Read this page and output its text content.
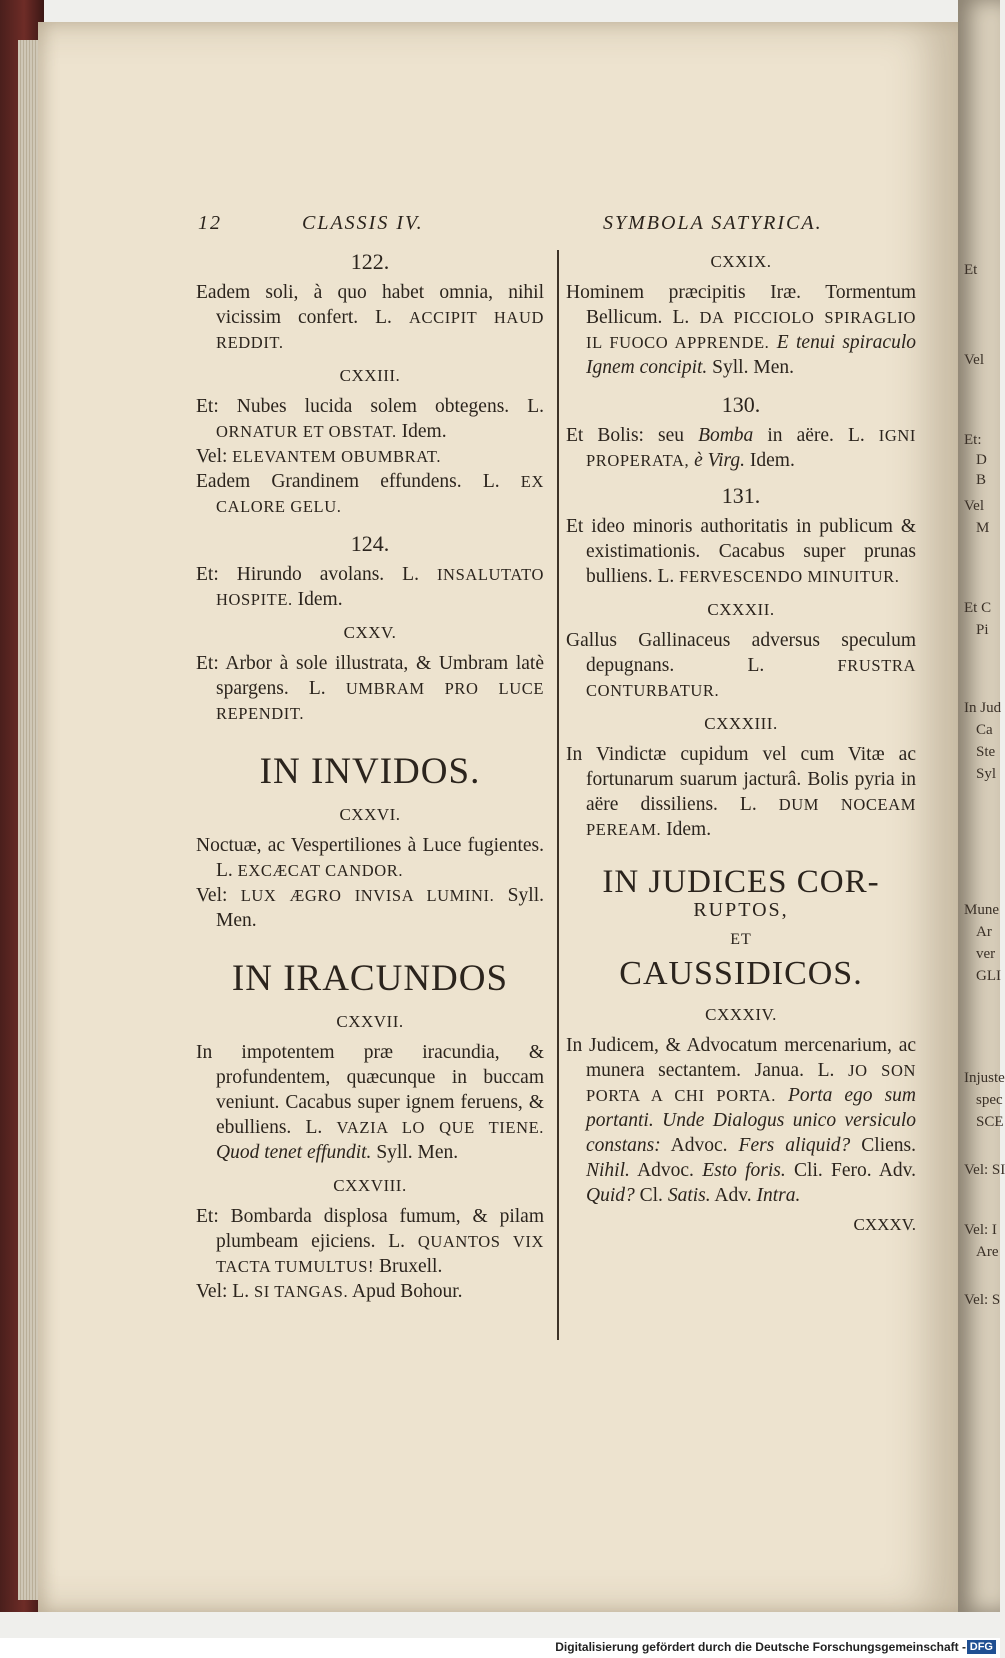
Et
Vel
Et:
D
B
Vel
M
Et C
Pi
In Jud
Ca
Ste
Syl
Mune
Ar
ver
GLI
Injuste
spec
SCE
Vel: SI
Vel: I
Are
Vel: S
12	CLASSIS IV.	SYMBOLA SATYRICA.
122.

Eadem soli, à quo habet omnia, nihil vicissim confert. L. ACCIPIT HAUD REDDIT.

CXXIII.

Et: Nubes lucida solem obtegens. L. ORNATUR ET OBSTAT. Idem.

Vel: ELEVANTEM OBUMBRAT.

Eadem Grandinem effundens. L. EX CALORE GELU.

124.

Et: Hirundo avolans. L. INSALUTATO HOSPITE. Idem.

CXXV.

Et: Arbor à sole illustrata, & Umbram latè spargens. L. UMBRAM PRO LUCE REPENDIT.

IN INVIDOS.
CXXVI.

Noctuæ, ac Vespertiliones à Luce fugientes. L. EXCÆCAT CANDOR.

Vel: LUX ÆGRO INVISA LUMINI. Syll. Men.

IN IRACUNDOS
CXXVII.

In impotentem præ iracundia, & profundentem, quæcunque in buccam veniunt. Cacabus super ignem feruens, & ebulliens. L. VAZIA LO QUE TIENE. Quod tenet effundit. Syll. Men.

CXXVIII.

Et: Bombarda displosa fumum, & pilam plumbeam ejiciens. L. QUANTOS VIX TACTA TUMULTUS! Bruxell.

Vel: L. SI TANGAS. Apud Bohour.

CXXIX.

Hominem præcipitis Iræ. Tormentum Bellicum. L. DA PICCIOLO SPIRAGLIO IL FUOCO APPRENDE. E tenui spiraculo Ignem concipit. Syll. Men.

130.

Et Bolis: seu Bomba in aëre. L. IGNI PROPERATA, è Virg. Idem.

131.

Et ideo minoris authoritatis in publicum & existimationis. Cacabus super prunas bulliens. L. FERVESCENDO MINUITUR.

CXXXII.

Gallus Gallinaceus adversus speculum depugnans. L. FRUSTRA CONTURBATUR.

CXXXIII.

In Vindictæ cupidum vel cum Vitæ ac fortunarum suarum jacturâ. Bolis pyria in aëre dissiliens. L. DUM NOCEAM PEREAM. Idem.

IN JUDICES COR-
RUPTOS,
ET
CAUSSIDICOS.
CXXXIV.

In Judicem, & Advocatum mercenarium, ac munera sectantem. Janua. L. JO SON PORTA A CHI PORTA. Porta ego sum portanti. Unde Dialogus unico versiculo constans: Advoc. Fers aliquid? Cliens. Nihil. Advoc. Esto foris. Cli. Fero. Adv. Quid? Cl. Satis. Adv. Intra.

CXXXV.
Digitalisierung gefördert durch die Deutsche Forschungsgemeinschaft - DFG
